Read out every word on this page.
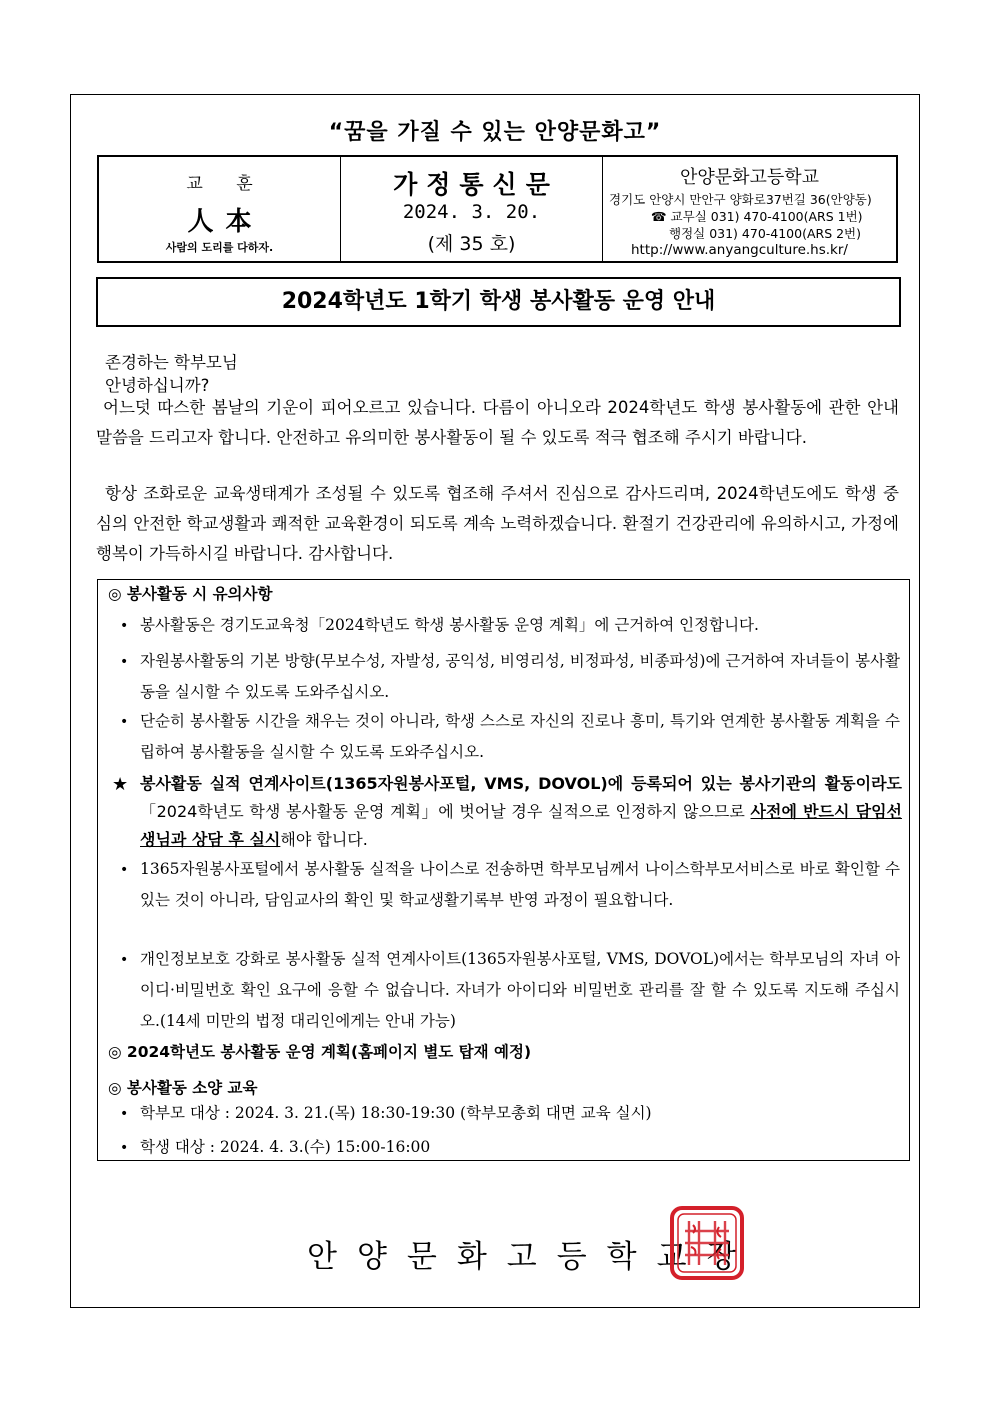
“꿈을 가질 수 있는 안양문화고”
교 훈
人本
사람의 도리를 다하자.
가정통신문
2024. 3. 20.
(제 35 호)
안양문화고등학교
경기도 안양시 만안구 양화로37번길 36(안양동)
☎ 교무실 031) 470-4100(ARS 1번)
행정실 031) 470-4100(ARS 2번)
http://www.anyangculture.hs.kr/
2024학년도 1학기 학생 봉사활동 운영 안내
존경하는 학부모님
안녕하십니까?
어느덧 따스한 봄날의 기운이 피어오르고 있습니다. 다름이 아니오라 2024학년도 학생 봉사활동에 관한 안내 말씀을 드리고자 합니다. 안전하고 유의미한 봉사활동이 될 수 있도록 적극 협조해 주시기 바랍니다.
항상 조화로운 교육생태계가 조성될 수 있도록 협조해 주셔서 진심으로 감사드리며, 2024학년도에도 학생 중심의 안전한 학교생활과 쾌적한 교육환경이 되도록 계속 노력하겠습니다. 환절기 건강관리에 유의하시고, 가정에 행복이 가득하시길 바랍니다. 감사합니다.
◎ 봉사활동 시 유의사항
• 봉사활동은 경기도교육청「2024학년도 학생 봉사활동 운영 계획」에 근거하여 인정합니다.
• 자원봉사활동의 기본 방향(무보수성, 자발성, 공익성, 비영리성, 비정파성, 비종파성)에 근거하여 자녀들이 봉사활동을 실시할 수 있도록 도와주십시오.
• 단순히 봉사활동 시간을 채우는 것이 아니라, 학생 스스로 자신의 진로나 흥미, 특기와 연계한 봉사활동 계획을 수립하여 봉사활동을 실시할 수 있도록 도와주십시오.
★ 봉사활동 실적 연계사이트(1365자원봉사포털, VMS, DOVOL)에 등록되어 있는 봉사기관의 활동이라도「2024학년도 학생 봉사활동 운영 계획」에 벗어날 경우 실적으로 인정하지 않으므로 사전에 반드시 담임선생님과 상담 후 실시해야 합니다.
• 1365자원봉사포털에서 봉사활동 실적을 나이스로 전송하면 학부모님께서 나이스학부모서비스로 바로 확인할 수 있는 것이 아니라, 담임교사의 확인 및 학교생활기록부 반영 과정이 필요합니다.
• 개인정보보호 강화로 봉사활동 실적 연계사이트(1365자원봉사포털, VMS, DOVOL)에서는 학부모님의 자녀 아이디·비밀번호 확인 요구에 응할 수 없습니다. 자녀가 아이디와 비밀번호 관리를 잘 할 수 있도록 지도해 주십시오.(14세 미만의 법정 대리인에게는 안내 가능)
◎ 2024학년도 봉사활동 운영 계획(홈페이지 별도 탑재 예정)
◎ 봉사활동 소양 교육
• 학부모 대상 : 2024. 3. 21.(목) 18:30-19:30 (학부모총회 대면 교육 실시)
• 학생 대상 : 2024. 4. 3.(수) 15:00-16:00
안양문화고등학교장
